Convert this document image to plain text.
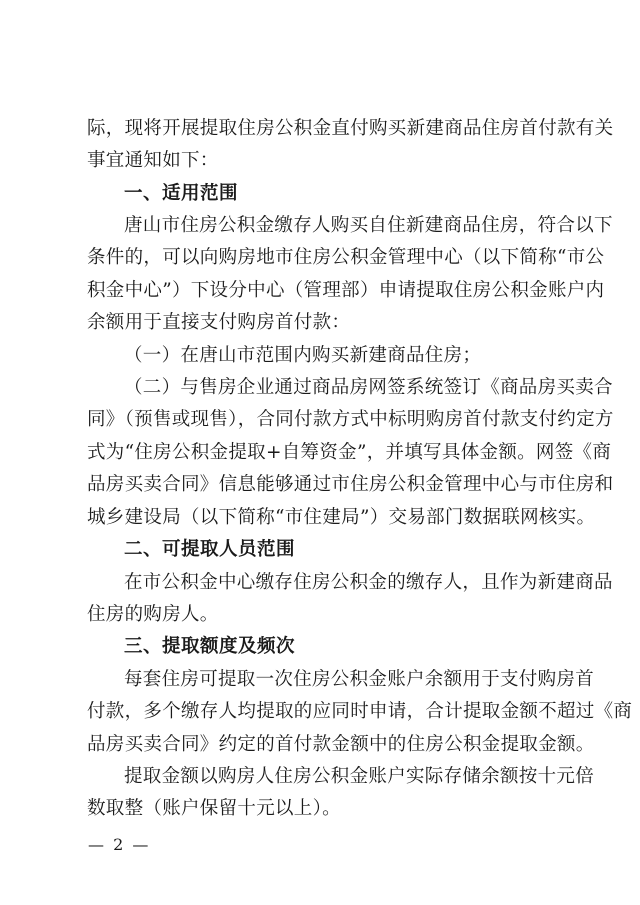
际，现将开展提取住房公积金直付购买新建商品住房首付款有关
事宜通知如下：
一、适用范围
唐山市住房公积金缴存人购买自住新建商品住房，符合以下
条件的，可以向购房地市住房公积金管理中心（以下简称“市公
积金中心”）下设分中心（管理部）申请提取住房公积金账户内
余额用于直接支付购房首付款：
（一）在唐山市范围内购买新建商品住房；
（二）与售房企业通过商品房网签系统签订《商品房买卖合
同》（预售或现售），合同付款方式中标明购房首付款支付约定方
式为“住房公积金提取+自筹资金”，并填写具体金额。网签《商
品房买卖合同》信息能够通过市住房公积金管理中心与市住房和
城乡建设局（以下简称“市住建局”）交易部门数据联网核实。
二、可提取人员范围
在市公积金中心缴存住房公积金的缴存人，且作为新建商品
住房的购房人。
三、提取额度及频次
每套住房可提取一次住房公积金账户余额用于支付购房首
付款，多个缴存人均提取的应同时申请，合计提取金额不超过《商
品房买卖合同》约定的首付款金额中的住房公积金提取金额。
提取金额以购房人住房公积金账户实际存储余额按十元倍
数取整（账户保留十元以上）。
— 2 —
